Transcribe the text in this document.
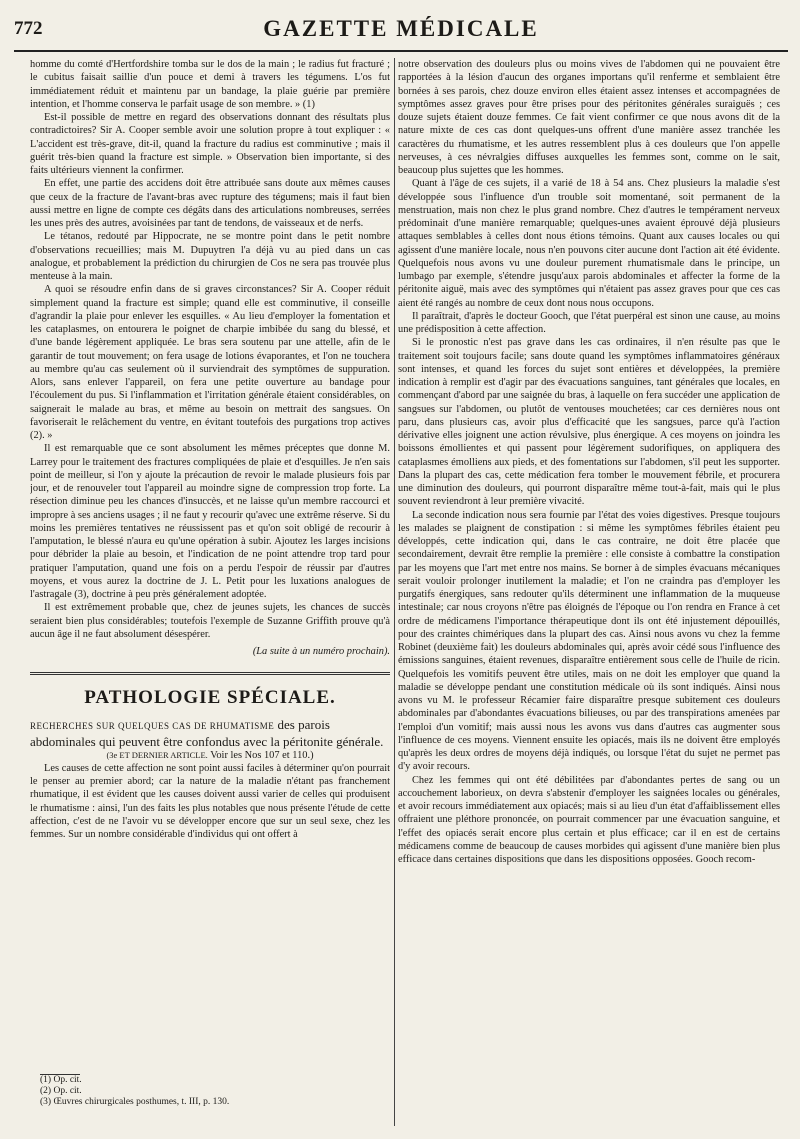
772	GAZETTE MÉDICALE

homme du comté d'Hertfordshire tomba sur le dos de la main ; le radius fut fracturé ; le cubitus faisait saillie d'un pouce et demi à travers les tégumens. L'os fut immédiatement réduit et maintenu par un bandage, la plaie guérie par première intention, et l'homme conserva le parfait usage de son membre. » (1)

Est-il possible de mettre en regard des observations donnant des résultats plus contradictoires? Sir A. Cooper semble avoir une solution propre à tout expliquer : « L'accident est très-grave, dit-il, quand la fracture du radius est comminutive ; mais il guérit très-bien quand la fracture est simple. » Observation bien importante, si des faits ultérieurs viennent la confirmer.

En effet, une partie des accidens doit être attribuée sans doute aux mêmes causes que ceux de la fracture de l'avant-bras avec rupture des tégumens; mais il faut bien aussi mettre en ligne de compte ces dégâts dans des articulations nombreuses, serrées les unes près des autres, avoisinées par tant de tendons, de vaisseaux et de nerfs.

Le tétanos, redouté par Hippocrate, ne se montre point dans le petit nombre d'observations recueillies; mais M. Dupuytren l'a déjà vu au pied dans un cas analogue, et probablement la prédiction du chirurgien de Cos ne sera pas trouvée plus menteuse à la main.

A quoi se résoudre enfin dans de si graves circonstances? Sir A. Cooper réduit simplement quand la fracture est simple; quand elle est comminutive, il conseille d'agrandir la plaie pour enlever les esquilles. « Au lieu d'employer la fomentation et les cataplasmes, on entourera le poignet de charpie imbibée du sang du blessé, et d'une bande légèrement appliquée. Le bras sera soutenu par une attelle, afin de le garantir de tout mouvement; on fera usage de lotions évaporantes, et l'on ne touchera au membre qu'au cas seulement où il surviendrait des symptômes de suppuration. Alors, sans enlever l'appareil, on fera une petite ouverture au bandage pour l'écoulement du pus. Si l'inflammation et l'irritation générale étaient considérables, on saignerait le malade au bras, et même au besoin on mettrait des sangsues. On favoriserait le relâchement du ventre, en évitant toutefois des purgations trop actives (2). »

Il est remarquable que ce sont absolument les mêmes préceptes que donne M. Larrey pour le traitement des fractures compliquées de plaie et d'esquilles. Je n'en sais point de meilleur, si l'on y ajoute la précaution de revoir le malade plusieurs fois par jour, et de renouveler tout l'appareil au moindre signe de compression trop forte. La résection diminue peu les chances d'insuccès, et ne laisse qu'un membre raccourci et impropre à ses anciens usages ; il ne faut y recourir qu'avec une extrême réserve. Si du moins les premières tentatives ne réussissent pas et qu'on soit obligé de recourir à l'amputation, le blessé n'aura eu qu'une opération à subir. Ajoutez les larges incisions pour débrider la plaie au besoin, et l'indication de ne point attendre trop tard pour pratiquer l'amputation, quand une fois on a perdu l'espoir de réussir par d'autres moyens, et vous aurez la doctrine de J. L. Petit pour les luxations analogues de l'astragale (3), doctrine à peu près généralement adoptée.

Il est extrêmement probable que, chez de jeunes sujets, les chances de succès seraient bien plus considérables; toutefois l'exemple de Suzanne Griffith prouve qu'à aucun âge il ne faut absolument désespérer.

(La suite à un numéro prochain).

PATHOLOGIE SPÉCIALE.

RECHERCHES SUR QUELQUES CAS DE RHUMATISME des parois abdominales qui peuvent être confondus avec la péritonite générale.

(3e ET DERNIER ARTICLE. Voir les Nos 107 et 110.)

Les causes de cette affection ne sont point aussi faciles à déterminer qu'on pourrait le penser au premier abord; car la nature de la maladie n'étant pas franchement rhumatique, il est évident que les causes doivent aussi varier de celles qui produisent le rhumatisme : ainsi, l'un des faits les plus notables que nous présente l'étude de cette affection, c'est de ne l'avoir vu se développer encore que sur un seul sexe, chez les femmes. Sur un nombre considérable d'individus qui ont offert à

(1) Op. cit.
(2) Op. cit.
(3) Œuvres chirurgicales posthumes, t. III, p. 130.

notre observation des douleurs plus ou moins vives de l'abdomen qui ne pouvaient être rapportées à la lésion d'aucun des organes importans qu'il renferme et semblaient être bornées à ses parois, chez douze environ elles étaient assez intenses et accompagnées de symptômes assez graves pour être prises pour des péritonites générales suraiguës ; ces douze sujets étaient douze femmes. Ce fait vient confirmer ce que nous avons dit de la nature mixte de ces cas dont quelques-uns offrent d'une manière assez tranchée les caractères du rhumatisme, et les autres ressemblent plus à ces douleurs que l'on appelle nerveuses, à ces névralgies diffuses auxquelles les femmes sont, comme on le sait, beaucoup plus sujettes que les hommes.

Quant à l'âge de ces sujets, il a varié de 18 à 54 ans. Chez plusieurs la maladie s'est développée sous l'influence d'un trouble soit momentané, soit permanent de la menstruation, mais non chez le plus grand nombre. Chez d'autres le tempérament nerveux prédominait d'une manière remarquable; quelques-unes avaient éprouvé déjà plusieurs attaques semblables à celles dont nous étions témoins. Quant aux causes locales ou qui agissent d'une manière locale, nous n'en pouvons citer aucune dont l'action ait été évidente. Quelquefois nous avons vu une douleur purement rhumatismale dans le principe, un lumbago par exemple, s'étendre jusqu'aux parois abdominales et affecter la forme de la péritonite aiguë, mais avec des symptômes qui n'étaient pas assez graves pour que ces cas aient été rangés au nombre de ceux dont nous nous occupons.

Il paraîtrait, d'après le docteur Gooch, que l'état puerpéral est sinon une cause, au moins une prédisposition à cette affection.

Si le pronostic n'est pas grave dans les cas ordinaires, il n'en résulte pas que le traitement soit toujours facile; sans doute quand les symptômes inflammatoires généraux sont intenses, et quand les forces du sujet sont entières et développées, la première indication à remplir est d'agir par des évacuations sanguines, tant générales que locales, en commençant d'abord par une saignée du bras, à laquelle on fera succéder une application de sangsues sur l'abdomen, ou plutôt de ventouses mouchetées; car ces dernières nous ont paru, dans plusieurs cas, avoir plus d'efficacité que les sangsues, parce qu'à l'action dérivative elles joignent une action révulsive, plus énergique. A ces moyens on joindra les boissons émollientes et qui passent pour légèrement sudorifiques, on appliquera des cataplasmes émolliens aux pieds, et des fomentations sur l'abdomen, s'il peut les supporter. Dans la plupart des cas, cette médication fera tomber le mouvement fébrile, et procurera une diminution des douleurs, qui pourront disparaître même tout-à-fait, mais qui le plus souvent reviendront à leur première vivacité.

La seconde indication nous sera fournie par l'état des voies digestives. Presque toujours les malades se plaignent de constipation : si même les symptômes fébriles étaient peu développés, cette indication qui, dans le cas contraire, ne doit être placée que secondairement, devrait être remplie la première : elle consiste à combattre la constipation par les moyens que l'art met entre nos mains. Se borner à de simples évacuans mécaniques serait vouloir prolonger inutilement la maladie; et l'on ne craindra pas d'employer les purgatifs énergiques, sans redouter qu'ils déterminent une inflammation de la muqueuse intestinale; car nous croyons n'être pas éloignés de l'époque ou l'on rendra en France à cet ordre de médicamens l'importance thérapeutique dont ils ont été injustement dépouillés, pour des craintes chimériques dans la plupart des cas. Ainsi nous avons vu chez la femme Robinet (deuxième fait) les douleurs abdominales qui, après avoir cédé sous l'influence des émissions sanguines, étaient revenues, disparaître entièrement sous celle de l'huile de ricin. Quelquefois les vomitifs peuvent être utiles, mais on ne doit les employer que quand la maladie se développe pendant une constitution médicale où ils sont indiqués. Ainsi nous avons vu M. le professeur Récamier faire disparaître presque subitement ces douleurs abdominales par d'abondantes évacuations bilieuses, ou par des transpirations amenées par l'emploi d'un vomitif; mais aussi nous les avons vus dans d'autres cas augmenter sous l'influence de ces moyens. Viennent ensuite les opiacés, mais ils ne doivent être employés qu'après les deux ordres de moyens déjà indiqués, ou lorsque l'état du sujet ne permet pas d'y avoir recours.

Chez les femmes qui ont été débilitées par d'abondantes pertes de sang ou un accouchement laborieux, on devra s'abstenir d'employer les saignées locales ou générales, et avoir recours immédiatement aux opiacés; mais si au lieu d'un état d'affaiblissement elles offraient une pléthore prononcée, on pourrait commencer par une évacuation sanguine, et l'effet des opiacés serait encore plus certain et plus efficace; car il en est de certains médicamens comme de beaucoup de causes morbides qui agissent d'une manière bien plus efficace dans certaines dispositions que dans les dispositions opposées. Gooch recom-
